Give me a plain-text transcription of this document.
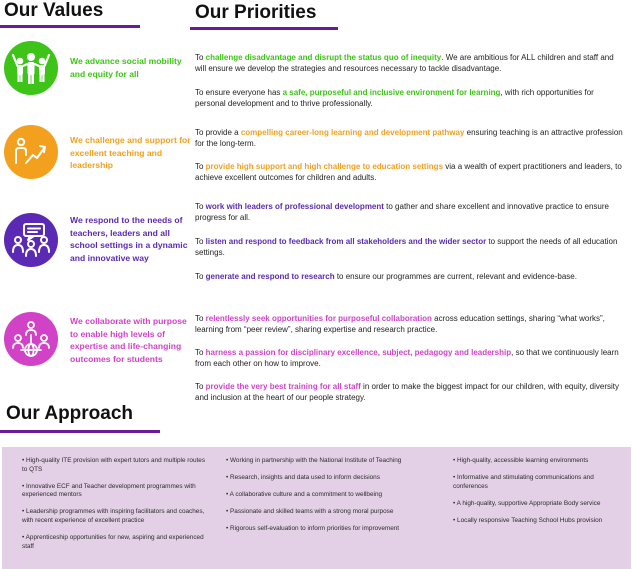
Our Values	Our Priorities
We advance social mobility and equity for all
We challenge and support for excellent teaching and leadership
We respond to the needs of teachers, leaders and all school settings in a dynamic and innovative way
We collaborate with purpose to enable high levels of expertise and life-changing outcomes for students
To challenge disadvantage and disrupt the status quo of inequity. We are ambitious for ALL children and staff and will ensure we develop the strategies and resources necessary to tackle disadvantage.
To ensure everyone has a safe, purposeful and inclusive environment for learning, with rich opportunities for personal development and to thrive professionally.
To provide a compelling career-long learning and development pathway ensuring teaching is an attractive profession for the long-term.
To provide high support and high challenge to education settings via a wealth of expert practitioners and leaders, to achieve excellent outcomes for children and adults.
To work with leaders of professional development to gather and share excellent and innovative practice to ensure progress for all.
To listen and respond to feedback from all stakeholders and the wider sector to support the needs of all education settings.
To generate and respond to research to ensure our programmes are current, relevant and evidence-base.
To relentlessly seek opportunities for purposeful collaboration across education settings, sharing “what works”, learning from “peer review”, sharing expertise and research practice.
To harness a passion for disciplinary excellence, subject, pedagogy and leadership, so that we continuously learn from each other on how to improve.
To provide the very best training for all staff in order to make the biggest impact for our children, with equity, diversity and inclusion at the heart of our people strategy.
Our Approach
• High-quality ITE provision with expert tutors and multiple routes to QTS
• Innovative ECF and Teacher development programmes with experienced mentors
• Leadership programmes with inspiring facilitators and coaches, with recent experience of excellent practice
• Apprenticeship opportunities for new, aspiring and experienced staff
• Working in partnership with the National Institute of Teaching
• Research, insights and data used to inform decisions
• A collaborative culture and a commitment to wellbeing
• Passionate and skilled teams with a strong moral purpose
• Rigorous self-evaluation to inform priorities for improvement
• High-quality, accessible learning environments
• Informative and stimulating communications and conferences
• A high-quality, supportive Appropriate Body service
• Locally responsive Teaching School Hubs provision
